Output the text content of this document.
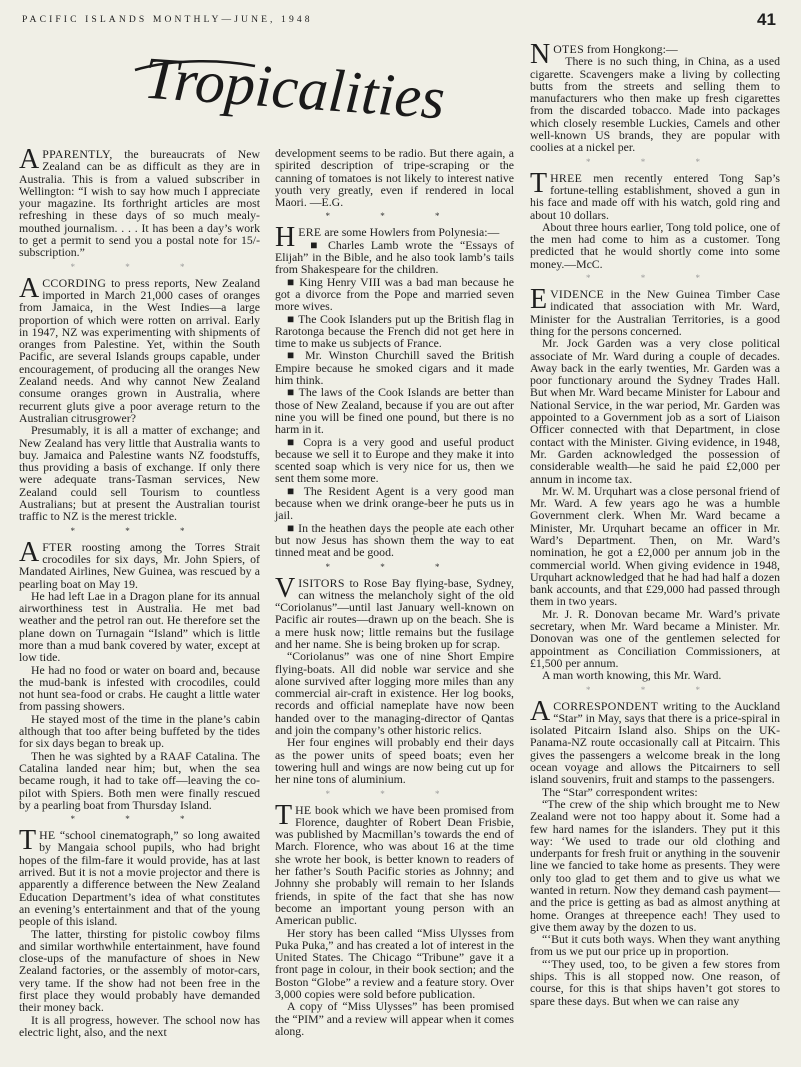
PACIFIC ISLANDS MONTHLY—JUNE, 1948	41
Tropicalities

APPARENTLY, the bureaucrats of New Zealand can be as difficult as they are in Australia. This is from a valued subscriber in Wellington: “I wish to say how much I appreciate your magazine. Its forthright articles are most refreshing in these days of so much mealy-mouthed journalism. . . . It has been a day’s work to get a permit to send you a postal note for 15/- subscription.”

* * *

ACCORDING to press reports, New Zealand imported in March 21,000 cases of oranges from Jamaica, in the West Indies—a large proportion of which were rotten on arrival. Early in 1947, NZ was experimenting with shipments of oranges from Palestine. Yet, within the South Pacific, are several Islands groups capable, under encouragement, of producing all the oranges New Zealand needs. And why cannot New Zealand consume oranges grown in Australia, where recurrent gluts give a poor average return to the Australian citrusgrower?

Presumably, it is all a matter of exchange; and New Zealand has very little that Australia wants to buy. Jamaica and Palestine wants NZ foodstuffs, thus providing a basis of exchange. If only there were adequate trans-Tasman services, New Zealand could sell Tourism to countless Australians; but at present the Australian tourist traffic to NZ is the merest trickle.

* * *

AFTER roosting among the Torres Strait crocodiles for six days, Mr. John Spiers, of Mandated Airlines, New Guinea, was rescued by a pearling boat on May 19.

He had left Lae in a Dragon plane for its annual airworthiness test in Australia. He met bad weather and the petrol ran out. He therefore set the plane down on Turnagain “Island” which is little more than a mud bank covered by water, except at low tide.

He had no food or water on board and, because the mud-bank is infested with crocodiles, could not hunt sea-food or crabs. He caught a little water from passing showers.

He stayed most of the time in the plane’s cabin although that too after being buffeted by the tides for six days began to break up.

Then he was sighted by a RAAF Catalina. The Catalina landed near him; but, when the sea became rough, it had to take off—leaving the co-pilot with Spiers. Both men were finally rescued by a pearling boat from Thursday Island.

* * *

THE “school cinematograph,” so long awaited by Mangaia school pupils, who had bright hopes of the film-fare it would provide, has at last arrived. But it is not a movie projector and there is apparently a difference between the New Zealand Education Department’s idea of what constitutes an evening’s entertainment and that of the young people of this island.

The latter, thirsting for pistolic cowboy films and similar worthwhile entertainment, have found close-ups of the manufacture of shoes in New Zealand factories, or the assembly of motor-cars, very tame. If the show had not been free in the first place they would probably have demanded their money back.

It is all progress, however. The school now has electric light, also, and the next

development seems to be radio. But there again, a spirited description of tripe-scraping or the canning of tomatoes is not likely to interest native youth very greatly, even if rendered in local Maori. —E.G.

* * *

HERE are some Howlers from Polynesia:—

■ Charles Lamb wrote the “Essays of Elijah” in the Bible, and he also took lamb’s tails from Shakespeare for the children.

■ King Henry VIII was a bad man because he got a divorce from the Pope and married seven more wives.

■ The Cook Islanders put up the British flag in Rarotonga because the French did not get here in time to make us subjects of France.

■ Mr. Winston Churchill saved the British Empire because he smoked cigars and it made him think.

■ The laws of the Cook Islands are better than those of New Zealand, because if you are out after nine you will be fined one pound, but there is no harm in it.

■ Copra is a very good and useful product because we sell it to Europe and they make it into scented soap which is very nice for us, then we sent them some more.

■ The Resident Agent is a very good man because when we drink orange-beer he puts us in jail.

■ In the heathen days the people ate each other but now Jesus has shown them the way to eat tinned meat and be good.

* * *

VISITORS to Rose Bay flying-base, Sydney, can witness the melancholy sight of the old “Coriolanus”—until last January well-known on Pacific air routes—drawn up on the beach. She is a mere husk now; little remains but the fusilage and her name. She is being broken up for scrap.

“Coriolanus” was one of nine Short Empire flying-boats. All did noble war service and she alone survived after logging more miles than any commercial air-craft in existence. Her log books, records and official nameplate have now been handed over to the managing-director of Qantas and join the company’s other historic relics.

Her four engines will probably end their days as the power units of speed boats; even her towering hull and wings are now being cut up for her nine tons of aluminium.

* * *

THE book which we have been promised from Florence, daughter of Robert Dean Frisbie, was published by Macmillan’s towards the end of March. Florence, who was about 16 at the time she wrote her book, is better known to readers of her father’s South Pacific stories as Johnny; and Johnny she probably will remain to her Islands friends, in spite of the fact that she has now become an important young person with an American public.

Her story has been called “Miss Ulysses from Puka Puka,” and has created a lot of interest in the United States. The Chicago “Tribune” gave it a front page in colour, in their book section; and the Boston “Globe” a review and a feature story. Over 3,000 copies were sold before publication.

A copy of “Miss Ulysses” has been promised the “PIM” and a review will appear when it comes along.

NOTES from Hongkong:—

There is no such thing, in China, as a used cigarette. Scavengers make a living by collecting butts from the streets and selling them to manufacturers who then make up fresh cigarettes from the discarded tobacco. Made into packages which closely resemble Luckies, Camels and other well-known US brands, they are popular with coolies at a nickel per.

* * *

THREE men recently entered Tong Sap’s fortune-telling establishment, shoved a gun in his face and made off with his watch, gold ring and about 10 dollars.

About three hours earlier, Tong told police, one of the men had come to him as a customer. Tong predicted that he would shortly come into some money.—McC.

* * *

EVIDENCE in the New Guinea Timber Case indicated that association with Mr. Ward, Minister for the Australian Territories, is a good thing for the persons concerned.

Mr. Jock Garden was a very close political associate of Mr. Ward during a couple of decades. Away back in the early twenties, Mr. Garden was a poor functionary around the Sydney Trades Hall. But when Mr. Ward became Minister for Labour and National Service, in the war period, Mr. Garden was appointed to a Government job as a sort of Liaison Officer connected with that Department, in close contact with the Minister. Giving evidence, in 1948, Mr. Garden acknowledged the possession of considerable wealth—he said he paid £2,000 per annum in income tax.

Mr. W. M. Urquhart was a close personal friend of Mr. Ward. A few years ago he was a humble Government clerk. When Mr. Ward became a Minister, Mr. Urquhart became an officer in Mr. Ward’s Department. Then, on Mr. Ward’s nomination, he got a £2,000 per annum job in the commercial world. When giving evidence in 1948, Urquhart acknowledged that he had had half a dozen bank accounts, and that £29,000 had passed through them in two years.

Mr. J. R. Donovan became Mr. Ward’s private secretary, when Mr. Ward became a Minister. Mr. Donovan was one of the gentlemen selected for appointment as Conciliation Commissioners, at £1,500 per annum.

A man worth knowing, this Mr. Ward.

* * *

ACORRESPONDENT writing to the Auckland “Star” in May, says that there is a price-spiral in isolated Pitcairn Island also. Ships on the UK-Panama-NZ route occasionally call at Pitcairn. This gives the passengers a welcome break in the long ocean voyage and allows the Pitcairners to sell island souvenirs, fruit and stamps to the passengers.

The “Star” correspondent writes:

“The crew of the ship which brought me to New Zealand were not too happy about it. Some had a few hard names for the islanders. They put it this way: ‘We used to trade our old clothing and underpants for fresh fruit or anything in the souvenir line we fancied to take home as presents. They were only too glad to get them and to give us what we wanted in return. Now they demand cash payment—and the price is getting as bad as almost anything at home. Oranges at threepence each! They used to give them away by the dozen to us.

“‘But it cuts both ways. When they want anything from us we put our price up in proportion.

“‘They used, too, to be given a few stores from ships. This is all stopped now. One reason, of course, for this is that ships haven’t got stores to spare these days. But when we can raise any
